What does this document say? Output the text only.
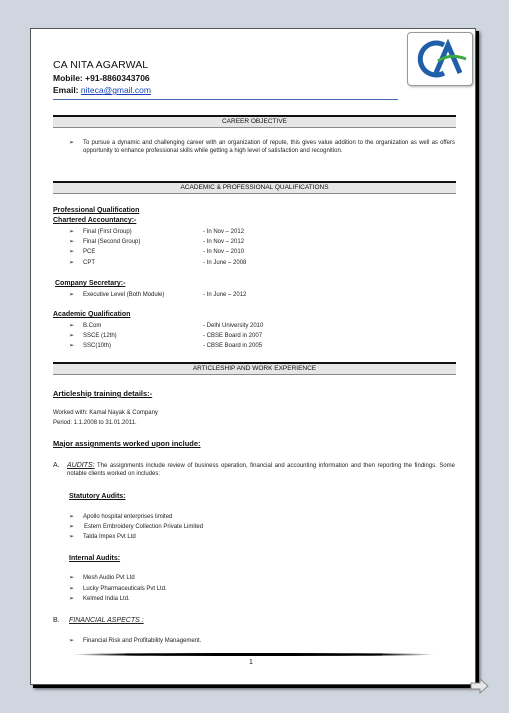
CA NITA AGARWAL
Mobile: +91-8860343706
Email: niteca@gmail.com
CAREER OBJECTIVE
➢ To pursue a dynamic and challenging career with an organization of repute, this gives value addition to the organization as well as offers opportunity to enhance professional skills while getting a high level of satisfaction and recognition.
ACADEMIC & PROFESSIONAL QUALIFICATIONS
Professional Qualification
Chartered Accountancy:-
➢ Final (First Group)	- In Nov – 2012
➢ Final (Second Group)	- In Nov – 2012
➢ PCE	- In Nov – 2010
➢ CPT	- In June – 2008
Company Secretary:-
➢ Executive Level (Both Module)	- In June – 2012
Academic Qualification
➢ B.Com	- Delhi University 2010
➢ SSCE (12th)	- CBSE Board in 2007
➢ SSC(10th)	- CBSE Board in 2005
ARTICLESHIP AND WORK EXPERIENCE
Articleship training details:-
Worked with: Kamal Nayak & Company
Period: 1.1.2008 to 31.01.2011.
Major assignments worked upon include:
A. AUDITS: The assignments include review of business operation, financial and accounting information and then reporting the findings. Some notable clients worked on includes:
Statutory Audits:
➢ Apollo hospital enterprises limited
➢ Estern Embroidery Collection Private Limited
➢ Talda Impex Pvt Ltd
Internal Audits:
➢ Mesh Audio Pvt Ltd
➢ Lucky Pharmaceuticals Pvt Ltd.
➢ Kelmed India Ltd.
B. FINANCIAL ASPECTS :
➢ Financial Risk and Profitability Management.
1
